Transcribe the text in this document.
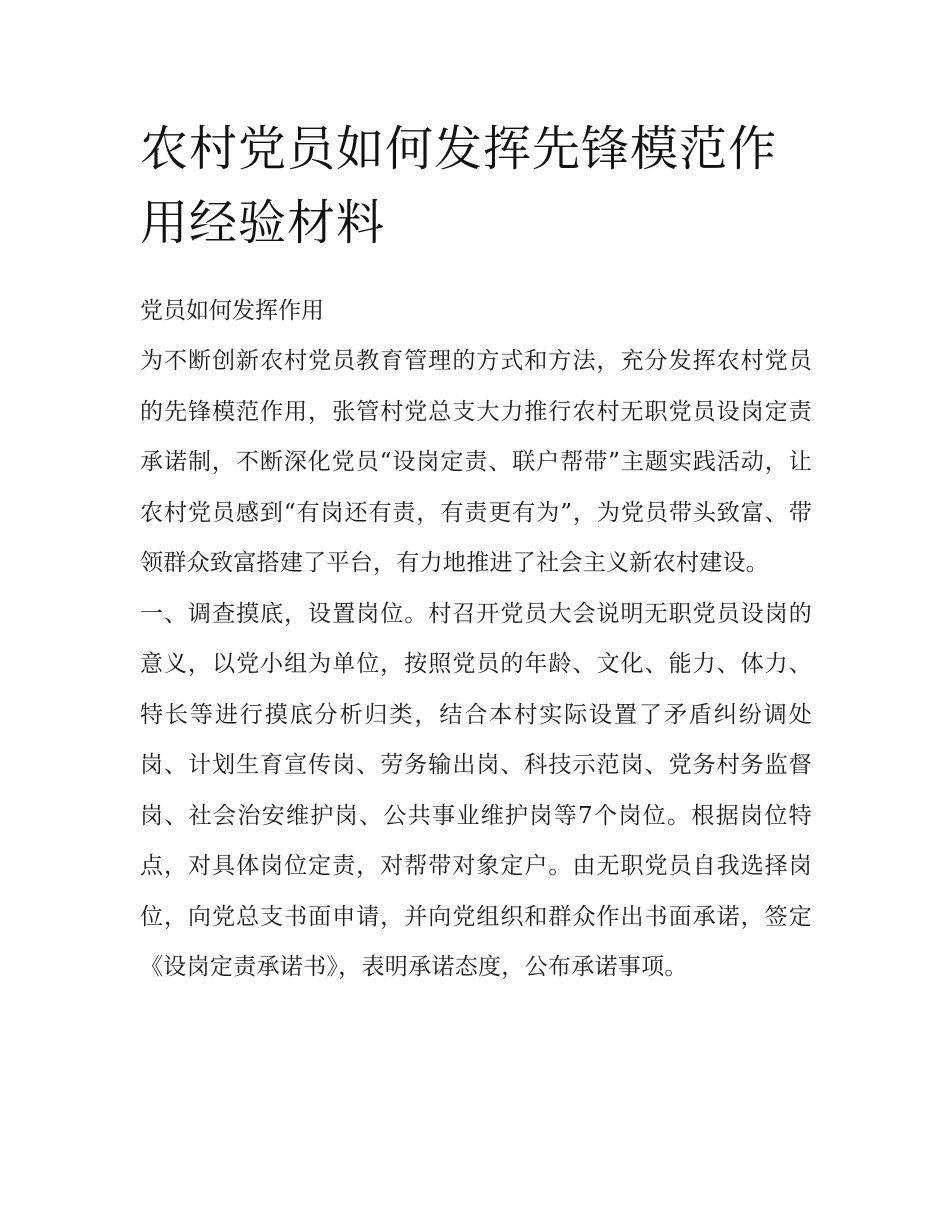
农村党员如何发挥先锋模范作用经验材料
党员如何发挥作用

为不断创新农村党员教育管理的方式和方法，充分发挥农村党员的先锋模范作用，张管村党总支大力推行农村无职党员设岗定责承诺制，不断深化党员“设岗定责、联户帮带”主题实践活动，让农村党员感到“有岗还有责，有责更有为”，为党员带头致富、带领群众致富搭建了平台，有力地推进了社会主义新农村建设。

一、调查摸底，设置岗位。村召开党员大会说明无职党员设岗的意义，以党小组为单位，按照党员的年龄、文化、能力、体力、特长等进行摸底分析归类，结合本村实际设置了矛盾纠纷调处岗、计划生育宣传岗、劳务输出岗、科技示范岗、党务村务监督岗、社会治安维护岗、公共事业维护岗等7个岗位。根据岗位特点，对具体岗位定责，对帮带对象定户。由无职党员自我选择岗位，向党总支书面申请，并向党组织和群众作出书面承诺，签定《设岗定责承诺书》，表明承诺态度，公布承诺事项。
